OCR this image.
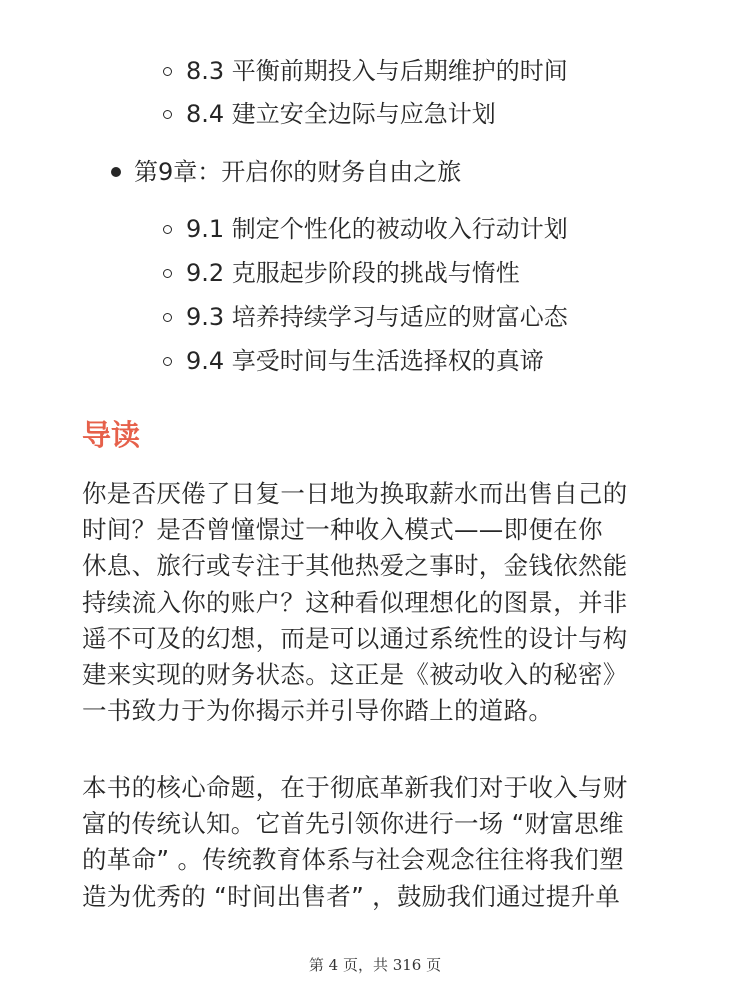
8.3 平衡前期投入与后期维护的时间
8.4 建立安全边际与应急计划
第9章：开启你的财务自由之旅
9.1 制定个性化的被动收入行动计划
9.2 克服起步阶段的挑战与惰性
9.3 培养持续学习与适应的财富心态
9.4 享受时间与生活选择权的真谛
导读
你是否厌倦了日复一日地为换取薪水而出售自己的
时间？是否曾憧憬过一种收入模式——即便在你
休息、旅行或专注于其他热爱之事时，金钱依然能
持续流入你的账户？这种看似理想化的图景，并非
遥不可及的幻想，而是可以通过系统性的设计与构
建来实现的财务状态。这正是《被动收入的秘密》
一书致力于为你揭示并引导你踏上的道路。
本书的核心命题，在于彻底革新我们对于收入与财
富的传统认知。它首先引领你进行一场 “财富思维
的革命” 。传统教育体系与社会观念往往将我们塑
造为优秀的 “时间出售者” ，鼓励我们通过提升单
第 4 页，共 316 页
